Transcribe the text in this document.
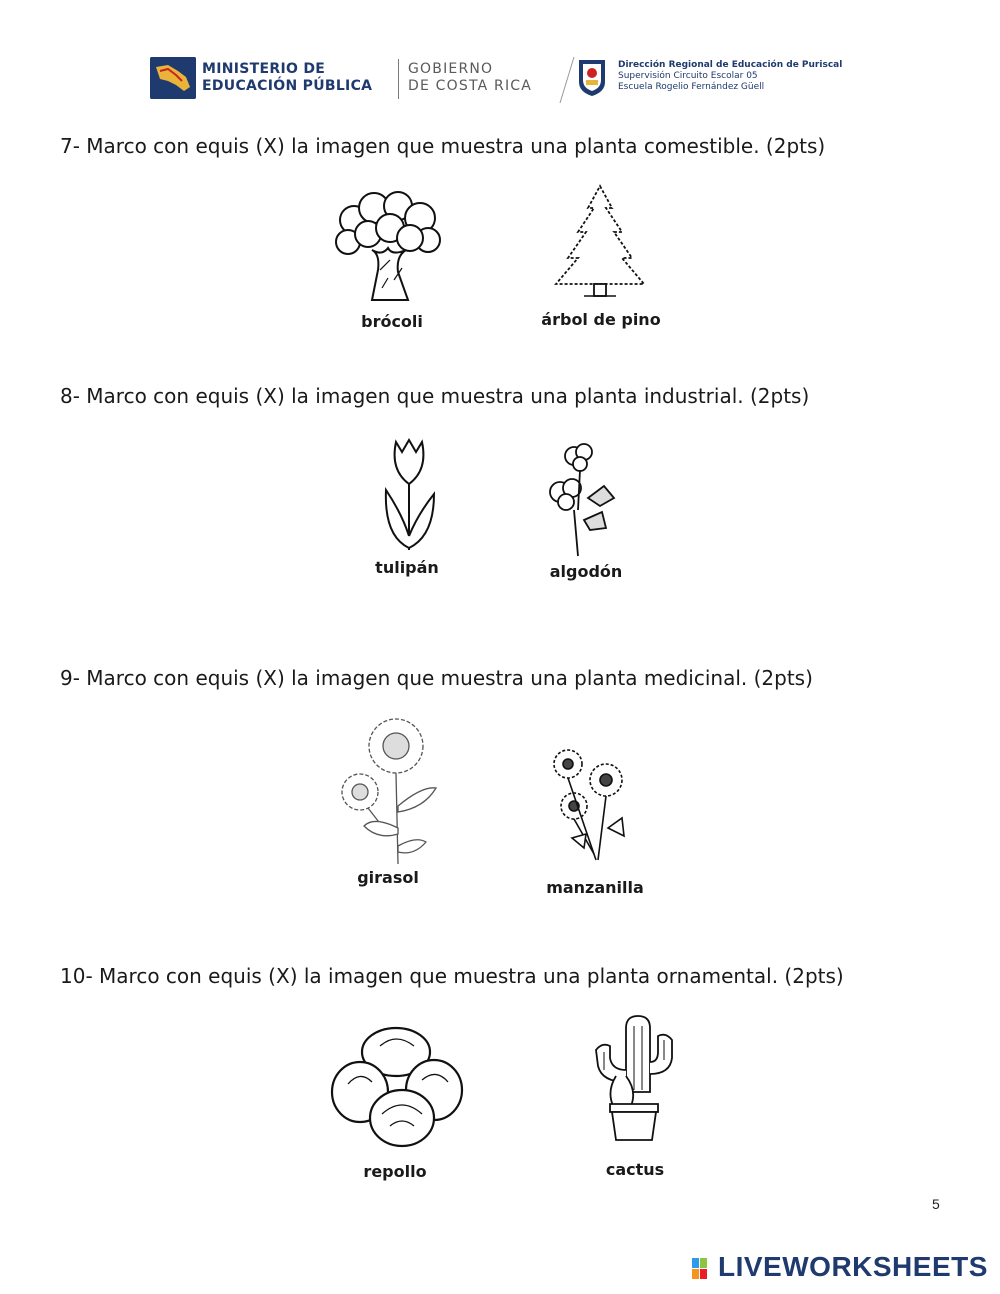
MINISTERIO DE
EDUCACIÓN PÚBLICA
GOBIERNO
DE COSTA RICA
Dirección Regional de Educación de Puriscal
Supervisión Circuito Escolar 05
Escuela Rogelio Fernández Güell
7- Marco con equis (X) la imagen que muestra una planta comestible. (2pts)
brócoli	árbol de pino
8- Marco con equis (X) la imagen que muestra una planta industrial. (2pts)
tulipán	algodón
9- Marco con equis (X) la imagen que muestra una planta medicinal. (2pts)
girasol
manzanilla
10- Marco con equis (X) la imagen que muestra una planta ornamental. (2pts)
repollo	cactus
5
LIVEWORKSHEETS
